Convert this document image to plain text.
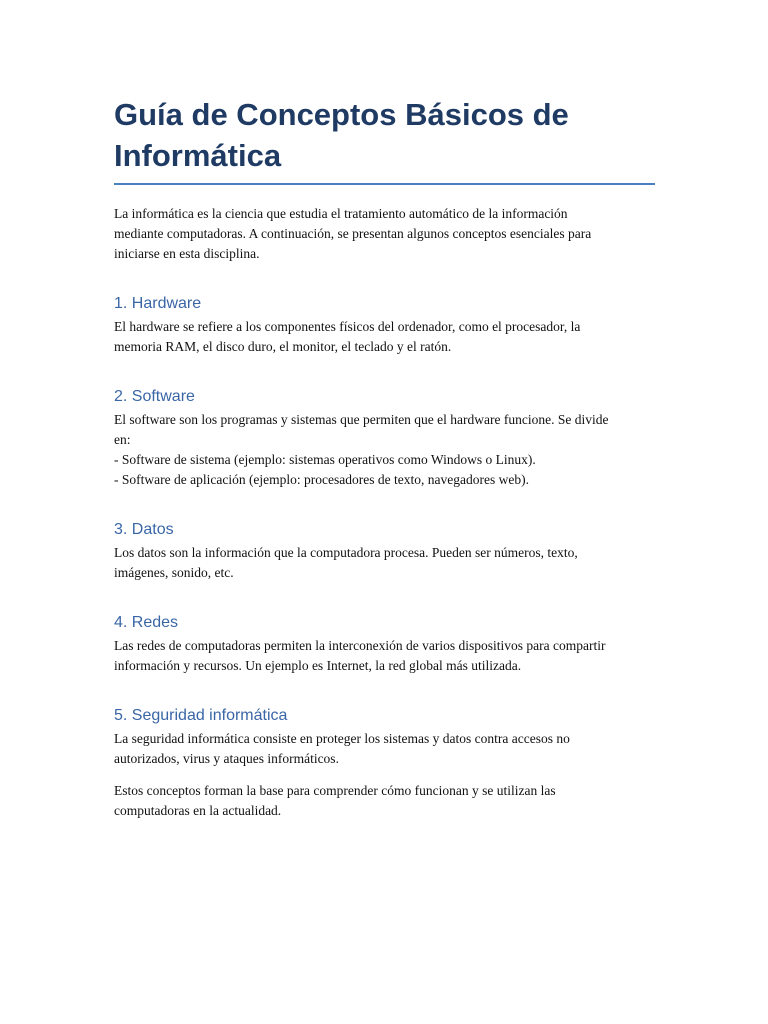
Guía de Conceptos Básicos de
Informática

La informática es la ciencia que estudia el tratamiento automático de la información
mediante computadoras. A continuación, se presentan algunos conceptos esenciales para
iniciarse en esta disciplina.

1. Hardware

El hardware se refiere a los componentes físicos del ordenador, como el procesador, la
memoria RAM, el disco duro, el monitor, el teclado y el ratón.

2. Software

El software son los programas y sistemas que permiten que el hardware funcione. Se divide
en:
- Software de sistema (ejemplo: sistemas operativos como Windows o Linux).
- Software de aplicación (ejemplo: procesadores de texto, navegadores web).

3. Datos

Los datos son la información que la computadora procesa. Pueden ser números, texto,
imágenes, sonido, etc.

4. Redes

Las redes de computadoras permiten la interconexión de varios dispositivos para compartir
información y recursos. Un ejemplo es Internet, la red global más utilizada.

5. Seguridad informática

La seguridad informática consiste en proteger los sistemas y datos contra accesos no
autorizados, virus y ataques informáticos.

Estos conceptos forman la base para comprender cómo funcionan y se utilizan las
computadoras en la actualidad.
